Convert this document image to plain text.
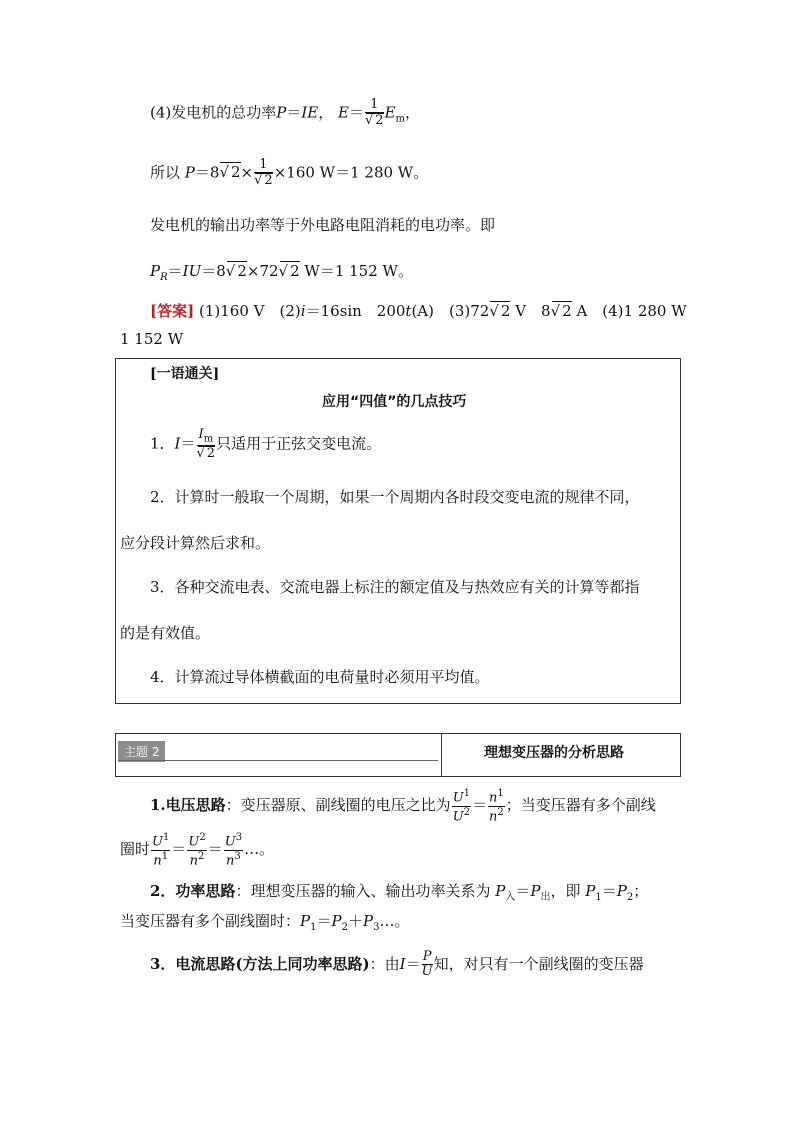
(4)发电机的总功率P＝IE， E＝ 1
√ 2 $E_m$，
所以 P＝8√ 2× 1
√ 2 ×160 W＝1 280 W。
发电机的输出功率等于外电路电阻消耗的电功率。即
$P_R=IU=8√$ 2×72√ 2 W＝1 152 W。
[答案] (1)160 V　(2)i＝16sin　200t(A)　(3)72√ 2 V　8√ 2 A　(4)1 280 W
1 152 W
[一语通关]
应用“四值”的几点技巧
1．$I= I_m$
√ 2 只适用于正弦交变电流。
2．计算时一般取一个周期，如果一个周期内各时段交变电流的规律不同，
应分段计算然后求和。
3．各种交流电表、交流电器上标注的额定值及与热效应有关的计算等都指
的是有效值。
4．计算流过导体横截面的电荷量时必须用平均值。
主题 2	理想变压器的分析思路
1.电压思路：变压器原、副线圈的电压之比为 $\frac{U^1}{U^2} = \frac{n^1}{n^2}$ ；当变压器有多个副线
圈时 $\frac{U^1}{n^1} = \frac{U^2}{n^2} = \frac{U^3}{n^3}$ …。
2．功率思路：理想变压器的输入、输出功率关系为 $P_入=P_出$，即 $P_1=P_2$；
当变压器有多个副线圈时：$P_1=P_2+P_3\dots$。
3．电流思路(方法上同功率思路)：由$I= \frac{P}{U}$ 知，对只有一个副线圈的变压器
